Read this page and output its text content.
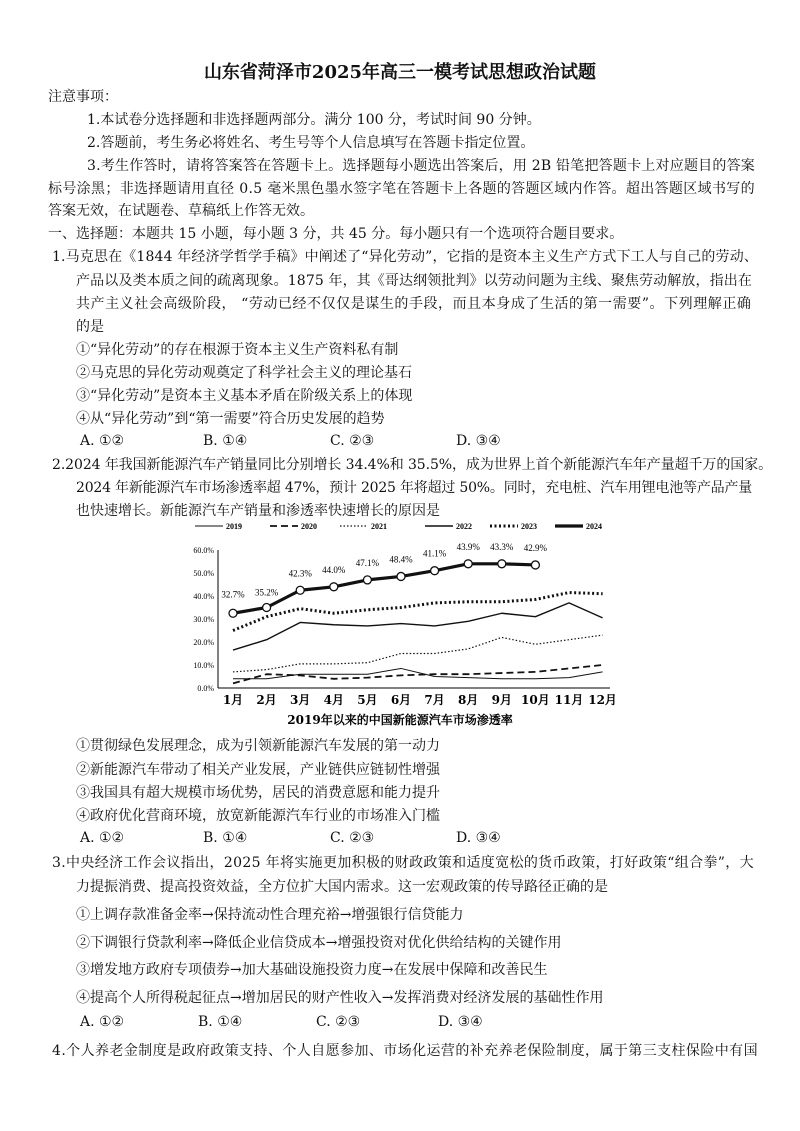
山东省菏泽市2025年高三一模考试思想政治试题
注意事项：
1.本试卷分选择题和非选择题两部分。满分 100 分，考试时间 90 分钟。
2.答题前，考生务必将姓名、考生号等个人信息填写在答题卡指定位置。
3.考生作答时，请将答案答在答题卡上。选择题每小题选出答案后，用 2B 铅笔把答题卡上对应题目的答案
标号涂黑；非选择题请用直径 0.5 毫米黑色墨水签字笔在答题卡上各题的答题区域内作答。超出答题区域书写的
答案无效，在试题卷、草稿纸上作答无效。
一、选择题：本题共 15 小题，每小题 3 分，共 45 分。每小题只有一个选项符合题目要求。
1.马克思在《1844 年经济学哲学手稿》中阐述了“异化劳动”，它指的是资本主义生产方式下工人与自己的劳动、
产品以及类本质之间的疏离现象。1875 年，其《哥达纲领批判》以劳动问题为主线、聚焦劳动解放，指出在
共产主义社会高级阶段， “劳动已经不仅仅是谋生的手段，而且本身成了生活的第一需要”。下列理解正确
的是
①“异化劳动”的存在根源于资本主义生产资料私有制
②马克思的异化劳动观奠定了科学社会主义的理论基石
③“异化劳动”是资本主义基本矛盾在阶级关系上的体现
④从“异化劳动”到“第一需要”符合历史发展的趋势
A. ①②	B. ①④	C. ②③	D. ③④
2.2024 年我国新能源汽车产销量同比分别增长 34.4%和 35.5%，成为世界上首个新能源汽车年产量超千万的国家。
2024 年新能源汽车市场渗透率超 47%，预计 2025 年将超过 50%。同时，充电桩、汽车用锂电池等产品产量
也快速增长。新能源汽车产销量和渗透率快速增长的原因是
0.0%
10.0%
20.0%
30.0%
40.0%
50.0%
60.0%
1月 2月 3月 4月 5月 6月 7月 8月 9月 10月 11月 12月
2019年以来的中国新能源汽车市场渗透率
2019	2020	2021	2022	2023	2024
32.7% 35.2%
42.3% 44.0%
47.1% 48.4%
41.1%
43.9% 43.3% 42.9%
①贯彻绿色发展理念，成为引领新能源汽车发展的第一动力
②新能源汽车带动了相关产业发展，产业链供应链韧性增强
③我国具有超大规模市场优势，居民的消费意愿和能力提升
④政府优化营商环境，放宽新能源汽车行业的市场准入门槛
A. ①②	B. ①④	C. ②③	D. ③④
3.中央经济工作会议指出，2025 年将实施更加积极的财政政策和适度宽松的货币政策，打好政策“组合拳”，大
力提振消费、提高投资效益，全方位扩大国内需求。这一宏观政策的传导路径正确的是
①上调存款准备金率→保持流动性合理充裕→增强银行信贷能力
②下调银行贷款利率→降低企业信贷成本→增强投资对优化供给结构的关键作用
③增发地方政府专项债券→加大基础设施投资力度→在发展中保障和改善民生
④提高个人所得税起征点→增加居民的财产性收入→发挥消费对经济发展的基础性作用
A. ①②	B. ①④	C. ②③	D. ③④
4.个人养老金制度是政府政策支持、个人自愿参加、市场化运营的补充养老保险制度，属于第三支柱保险中有国
